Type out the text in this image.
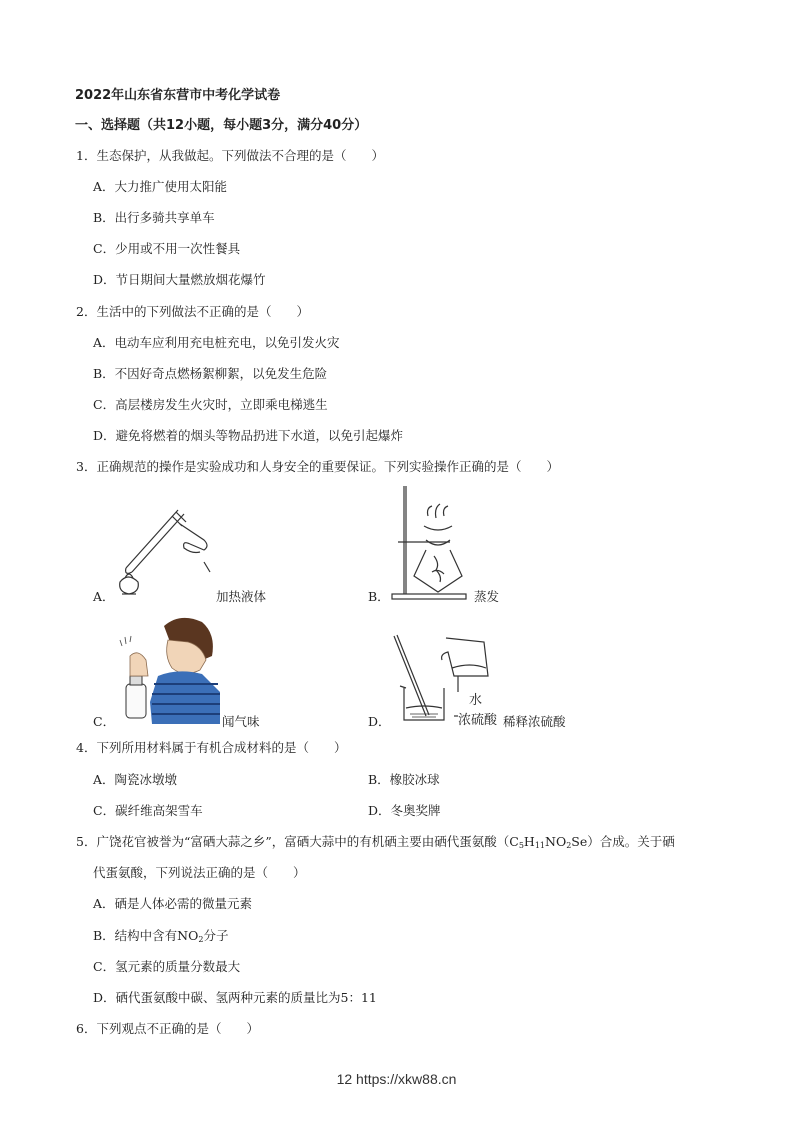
2022年山东省东营市中考化学试卷
一、选择题（共12小题，每小题3分，满分40分）
1．生态保护，从我做起。下列做法不合理的是（　　）
A．大力推广使用太阳能
B．出行多骑共享单车
C．少用或不用一次性餐具
D．节日期间大量燃放烟花爆竹
2．生活中的下列做法不正确的是（　　）
A．电动车应利用充电桩充电，以免引发火灾
B．不因好奇点燃杨絮柳絮，以免发生危险
C．高层楼房发生火灾时，立即乘电梯逃生
D．避免将燃着的烟头等物品扔进下水道，以免引起爆炸
3．正确规范的操作是实验成功和人身安全的重要保证。下列实验操作正确的是（　　）
A．	加热液体	B．	蒸发
C．	闻气味
水
浓硫酸
D．	稀释浓硫酸
4．下列所用材料属于有机合成材料的是（　　）
A．陶瓷冰墩墩	B．橡胶冰球
C．碳纤维高架雪车	D．冬奥奖牌
5．广饶花官被誉为“富硒大蒜之乡”，富硒大蒜中的有机硒主要由硒代蛋氨酸$(C_5H_{11}NO_2Se)$合成。关于硒
代蛋氨酸，下列说法正确的是（　　）
A．硒是人体必需的微量元素
B．结构中含有$NO_2$分子
C．氢元素的质量分数最大
D．硒代蛋氨酸中碳、氢两种元素的质量比为5：11
6．下列观点不正确的是（　　）
12 https://xkw88.cn
